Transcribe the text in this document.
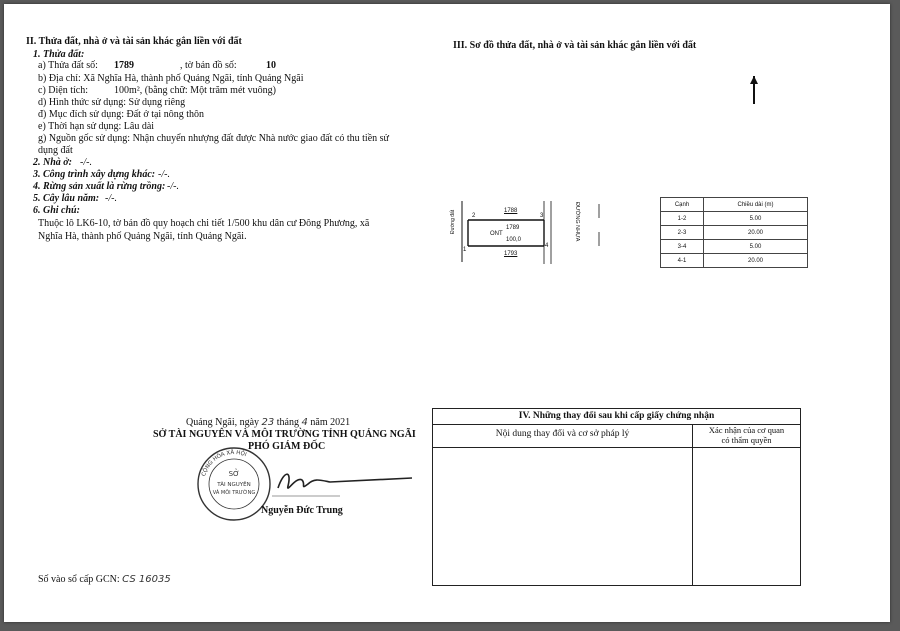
II. Thửa đất, nhà ở và tài sản khác gắn liền với đất
1. Thửa đất:
a) Thửa đất số: 1789	, tờ bản đồ số:	10
b) Địa chỉ: Xã Nghĩa Hà, thành phố Quảng Ngãi, tỉnh Quảng Ngãi
c) Diện tích:	100m², (bằng chữ: Một trăm mét vuông)
d) Hình thức sử dụng: Sử dụng riêng
đ) Mục đích sử dụng: Đất ở tại nông thôn
e) Thời hạn sử dụng: Lâu dài
g) Nguồn gốc sử dụng: Nhận chuyển nhượng đất được Nhà nước giao đất có thu tiền sử dụng đất
2. Nhà ở: -/-.
3. Công trình xây dựng khác: -/-.
4. Rừng sản xuất là rừng trồng: -/-.
5. Cây lâu năm: -/-.
6. Ghi chú:
Thuộc lô LK6-10, tờ bản đồ quy hoạch chi tiết 1/500 khu dân cư Đông Phương, xã Nghĩa Hà, thành phố Quảng Ngãi, tỉnh Quảng Ngãi.
Quảng Ngãi, ngày 23 tháng 4 năm 2021
SỞ TÀI NGUYÊN VÀ MÔI TRƯỜNG TỈNH QUẢNG NGÃI
PHÓ GIÁM ĐỐC
CỘNG HÒA XÃ HỘI
SỞ
TÀI NGUYÊN
VÀ MÔI TRƯỜNG
Nguyễn Đức Trung
Số vào sổ cấp GCN: CS 16035
III. Sơ đồ thửa đất, nhà ở và tài sản khác gắn liền với đất
1788
1793
1789
ONT
100,0
2	3
1
4
Đường đất	ĐƯỜNG NHỰA	Cạnh	Chiều dài (m)
1-2	5.00
2-3	20.00
3-4	5.00
4-1	20.00
IV. Những thay đổi sau khi cấp giấy chứng nhận
Nội dung thay đổi và cơ sở pháp lý	Xác nhận của cơ quan
có thẩm quyền
